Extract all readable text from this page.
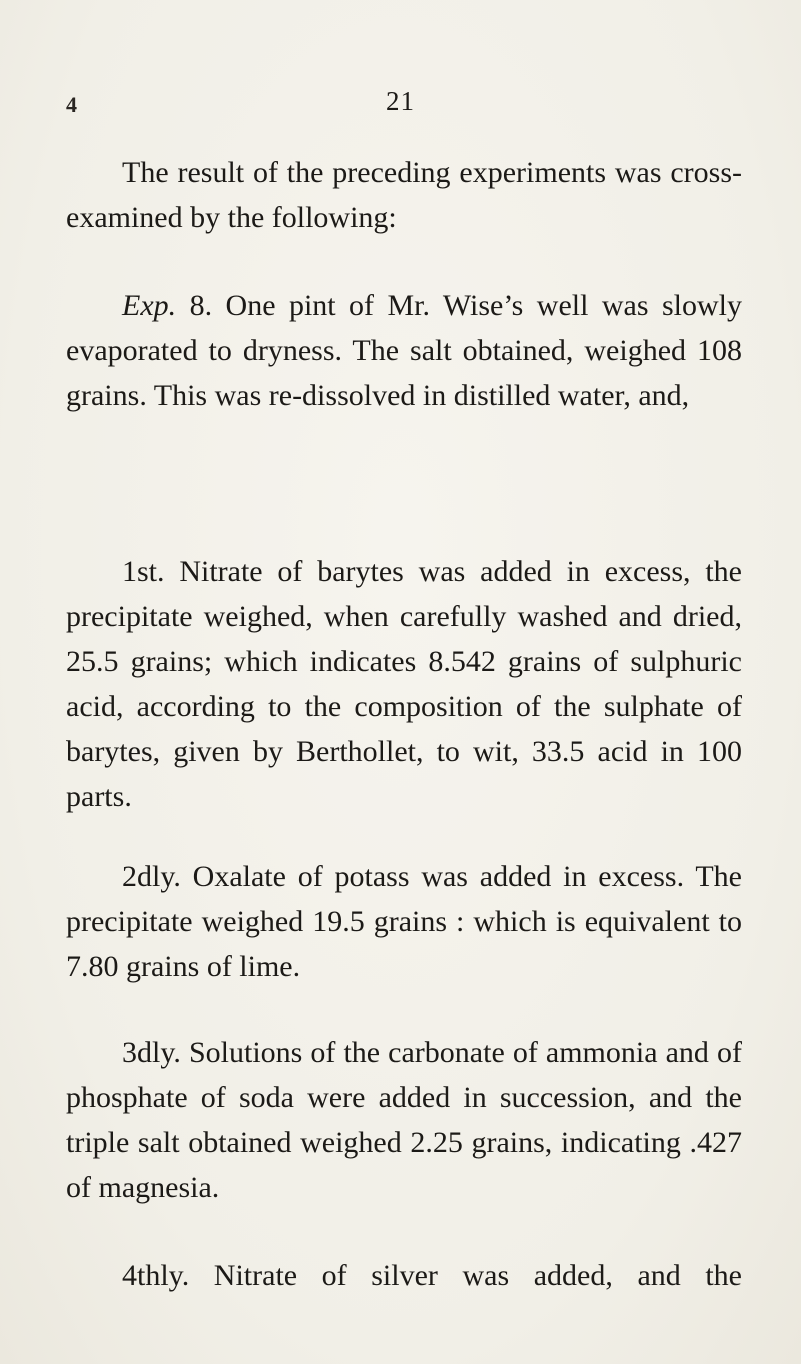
4	21
The result of the preceding experiments was cross-examined by the following:
Exp. 8. One pint of Mr. Wise’s well was slowly evaporated to dryness. The salt obtained, weighed 108 grains. This was re-dissolved in distilled water, and,
1st. Nitrate of barytes was added in excess, the precipitate weighed, when carefully washed and dried, 25.5 grains; which indicates 8.542 grains of sulphuric acid, according to the composition of the sulphate of barytes, given by Berthollet, to wit, 33.5 acid in 100 parts.
2dly. Oxalate of potass was added in excess. The precipitate weighed 19.5 grains : which is equivalent to 7.80 grains of lime.
3dly. Solutions of the carbonate of ammonia and of phosphate of soda were added in succession, and the triple salt obtained weighed 2.25 grains, indicating .427 of magnesia.
4thly. Nitrate of silver was added, and the
